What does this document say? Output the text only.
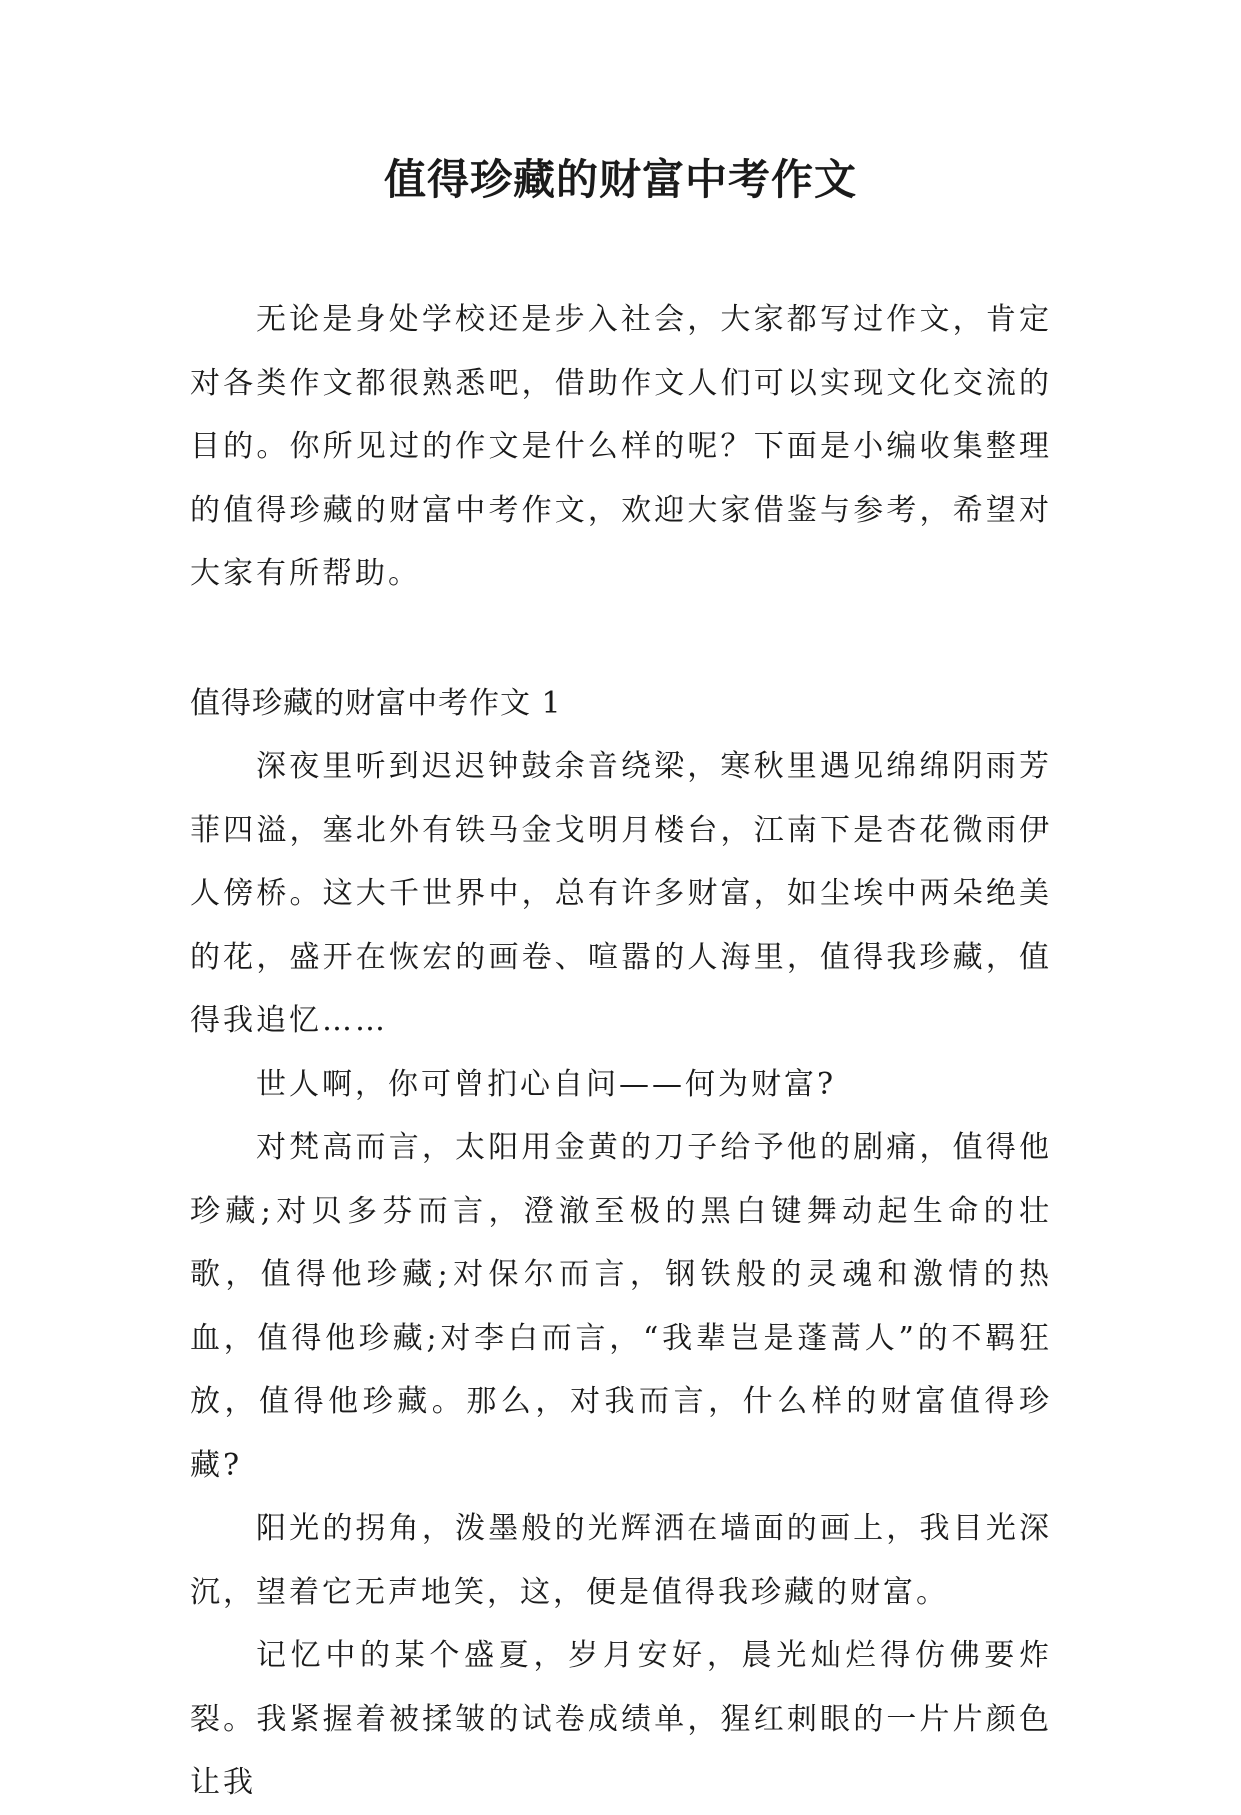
值得珍藏的财富中考作文

无论是身处学校还是步入社会，大家都写过作文，肯定对各类作文都很熟悉吧，借助作文人们可以实现文化交流的目的。你所见过的作文是什么样的呢？下面是小编收集整理的值得珍藏的财富中考作文，欢迎大家借鉴与参考，希望对大家有所帮助。

值得珍藏的财富中考作文 1

深夜里听到迟迟钟鼓余音绕梁，寒秋里遇见绵绵阴雨芳菲四溢，塞北外有铁马金戈明月楼台，江南下是杏花微雨伊人傍桥。这大千世界中，总有许多财富，如尘埃中两朵绝美的花，盛开在恢宏的画卷、喧嚣的人海里，值得我珍藏，值得我追忆……

世人啊，你可曾扪心自问——何为财富?

对梵高而言，太阳用金黄的刀子给予他的剧痛，值得他珍藏;对贝多芬而言，澄澈至极的黑白键舞动起生命的壮歌，值得他珍藏;对保尔而言，钢铁般的灵魂和激情的热血，值得他珍藏;对李白而言，“我辈岂是蓬蒿人”的不羁狂放，值得他珍藏。那么，对我而言，什么样的财富值得珍藏?

阳光的拐角，泼墨般的光辉洒在墙面的画上，我目光深沉，望着它无声地笑，这，便是值得我珍藏的财富。

记忆中的某个盛夏，岁月安好，晨光灿烂得仿佛要炸裂。我紧握着被揉皱的试卷成绩单，猩红刺眼的一片片颜色让我
